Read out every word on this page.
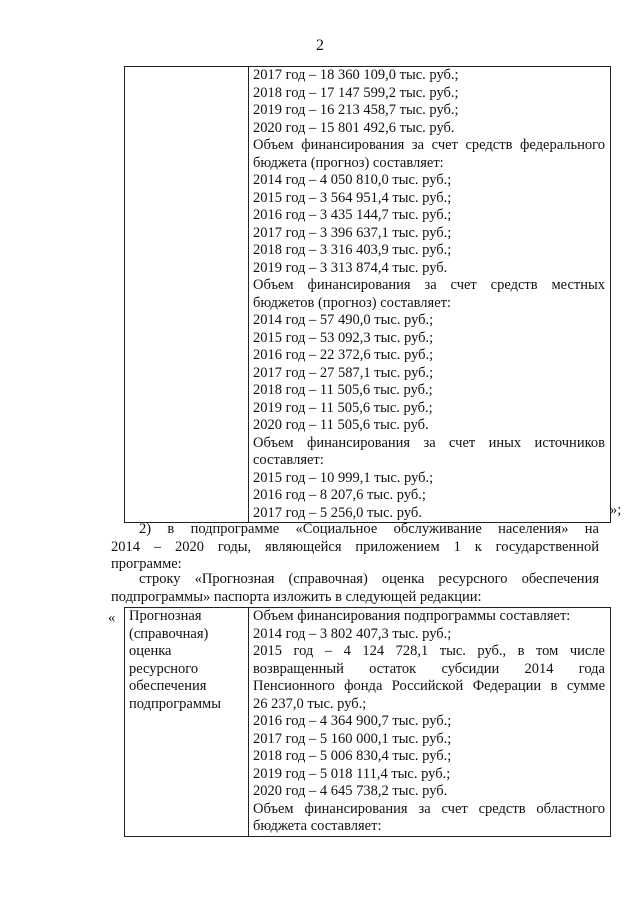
2

2017 год – 18 360 109,0 тыс. руб.;
2018 год – 17 147 599,2 тыс. руб.;
2019 год – 16 213 458,7 тыс. руб.;
2020 год – 15 801 492,6 тыс. руб.
Объем финансирования за счет средств федерального
бюджета (прогноз) составляет:
2014 год – 4 050 810,0 тыс. руб.;
2015 год – 3 564 951,4 тыс. руб.;
2016 год – 3 435 144,7 тыс. руб.;
2017 год – 3 396 637,1 тыс. руб.;
2018 год – 3 316 403,9 тыс. руб.;
2019 год – 3 313 874,4 тыс. руб.
Объем финансирования за счет средств местных
бюджетов (прогноз) составляет:
2014 год – 57 490,0 тыс. руб.;
2015 год – 53 092,3 тыс. руб.;
2016 год – 22 372,6 тыс. руб.;
2017 год – 27 587,1 тыс. руб.;
2018 год – 11 505,6 тыс. руб.;
2019 год – 11 505,6 тыс. руб.;
2020 год – 11 505,6 тыс. руб.
Объем финансирования за счет иных источников
составляет:
2015 год – 10 999,1 тыс. руб.;
2016 год – 8 207,6 тыс. руб.;
2017 год – 5 256,0 тыс. руб.	»;
2) в подпрограмме «Социальное обслуживание населения» на
2014 – 2020 годы, являющейся приложением 1 к государственной
программе:
строку «Прогнозная (справочная) оценка ресурсного обеспечения
подпрограммы» паспорта изложить в следующей редакции:
« Прогнозная
(справочная)
оценка
ресурсного
обеспечения
подпрограммы

Объем финансирования подпрограммы составляет:
2014 год – 3 802 407,3 тыс. руб.;
2015 год – 4 124 728,1 тыс. руб., в том числе
возвращенный остаток субсидии 2014 года
Пенсионного фонда Российской Федерации в сумме
26 237,0 тыс. руб.;
2016 год – 4 364 900,7 тыс. руб.;
2017 год – 5 160 000,1 тыс. руб.;
2018 год – 5 006 830,4 тыс. руб.;
2019 год – 5 018 111,4 тыс. руб.;
2020 год – 4 645 738,2 тыс. руб.
Объем финансирования за счет средств областного
бюджета составляет:
